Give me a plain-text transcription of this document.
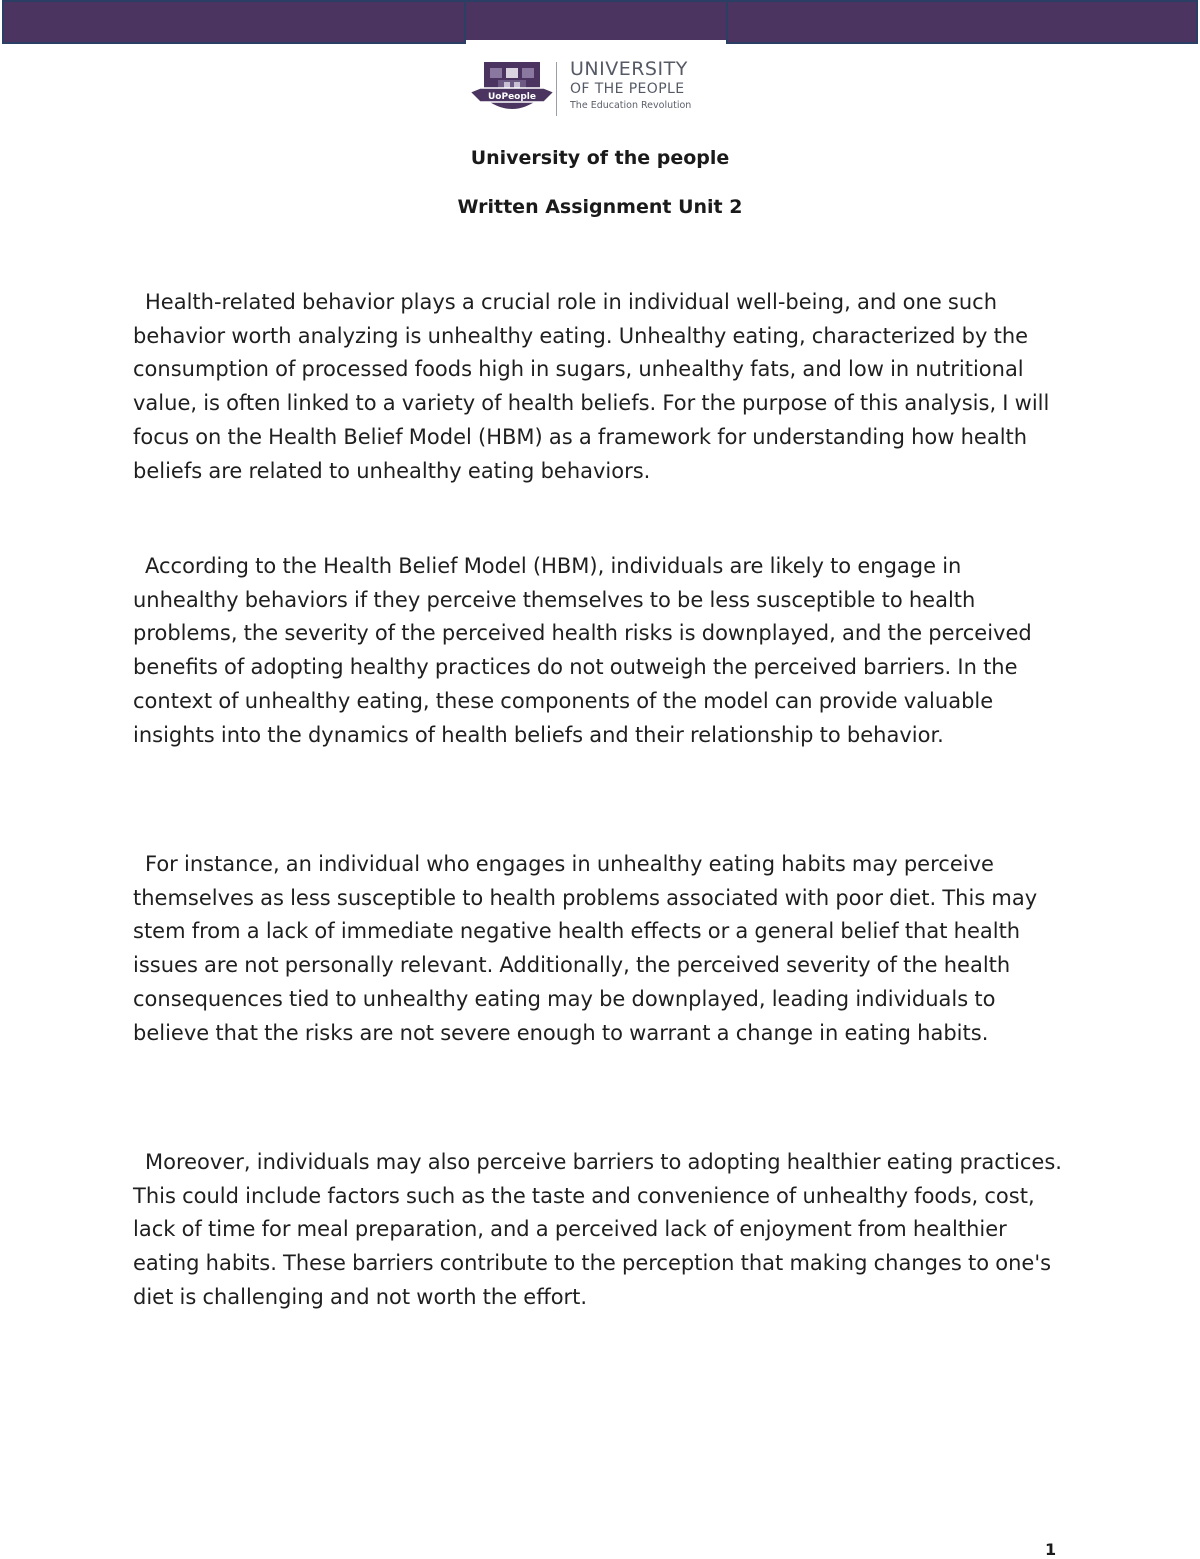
UoPeople
UNIVERSITY
OF THE PEOPLE
The Education Revolution
University of the people
Written Assignment Unit 2

Health-related behavior plays a crucial role in individual well-being, and one such behavior worth analyzing is unhealthy eating. Unhealthy eating, characterized by the consumption of processed foods high in sugars, unhealthy fats, and low in nutritional value, is often linked to a variety of health beliefs. For the purpose of this analysis, I will focus on the Health Belief Model (HBM) as a framework for understanding how health beliefs are related to unhealthy eating behaviors.

According to the Health Belief Model (HBM), individuals are likely to engage in unhealthy behaviors if they perceive themselves to be less susceptible to health problems, the severity of the perceived health risks is downplayed, and the perceived benefits of adopting healthy practices do not outweigh the perceived barriers. In the context of unhealthy eating, these components of the model can provide valuable insights into the dynamics of health beliefs and their relationship to behavior.

For instance, an individual who engages in unhealthy eating habits may perceive themselves as less susceptible to health problems associated with poor diet. This may stem from a lack of immediate negative health effects or a general belief that health issues are not personally relevant. Additionally, the perceived severity of the health consequences tied to unhealthy eating may be downplayed, leading individuals to believe that the risks are not severe enough to warrant a change in eating habits.

Moreover, individuals may also perceive barriers to adopting healthier eating practices. This could include factors such as the taste and convenience of unhealthy foods, cost, lack of time for meal preparation, and a perceived lack of enjoyment from healthier eating habits. These barriers contribute to the perception that making changes to one's diet is challenging and not worth the effort.

1
